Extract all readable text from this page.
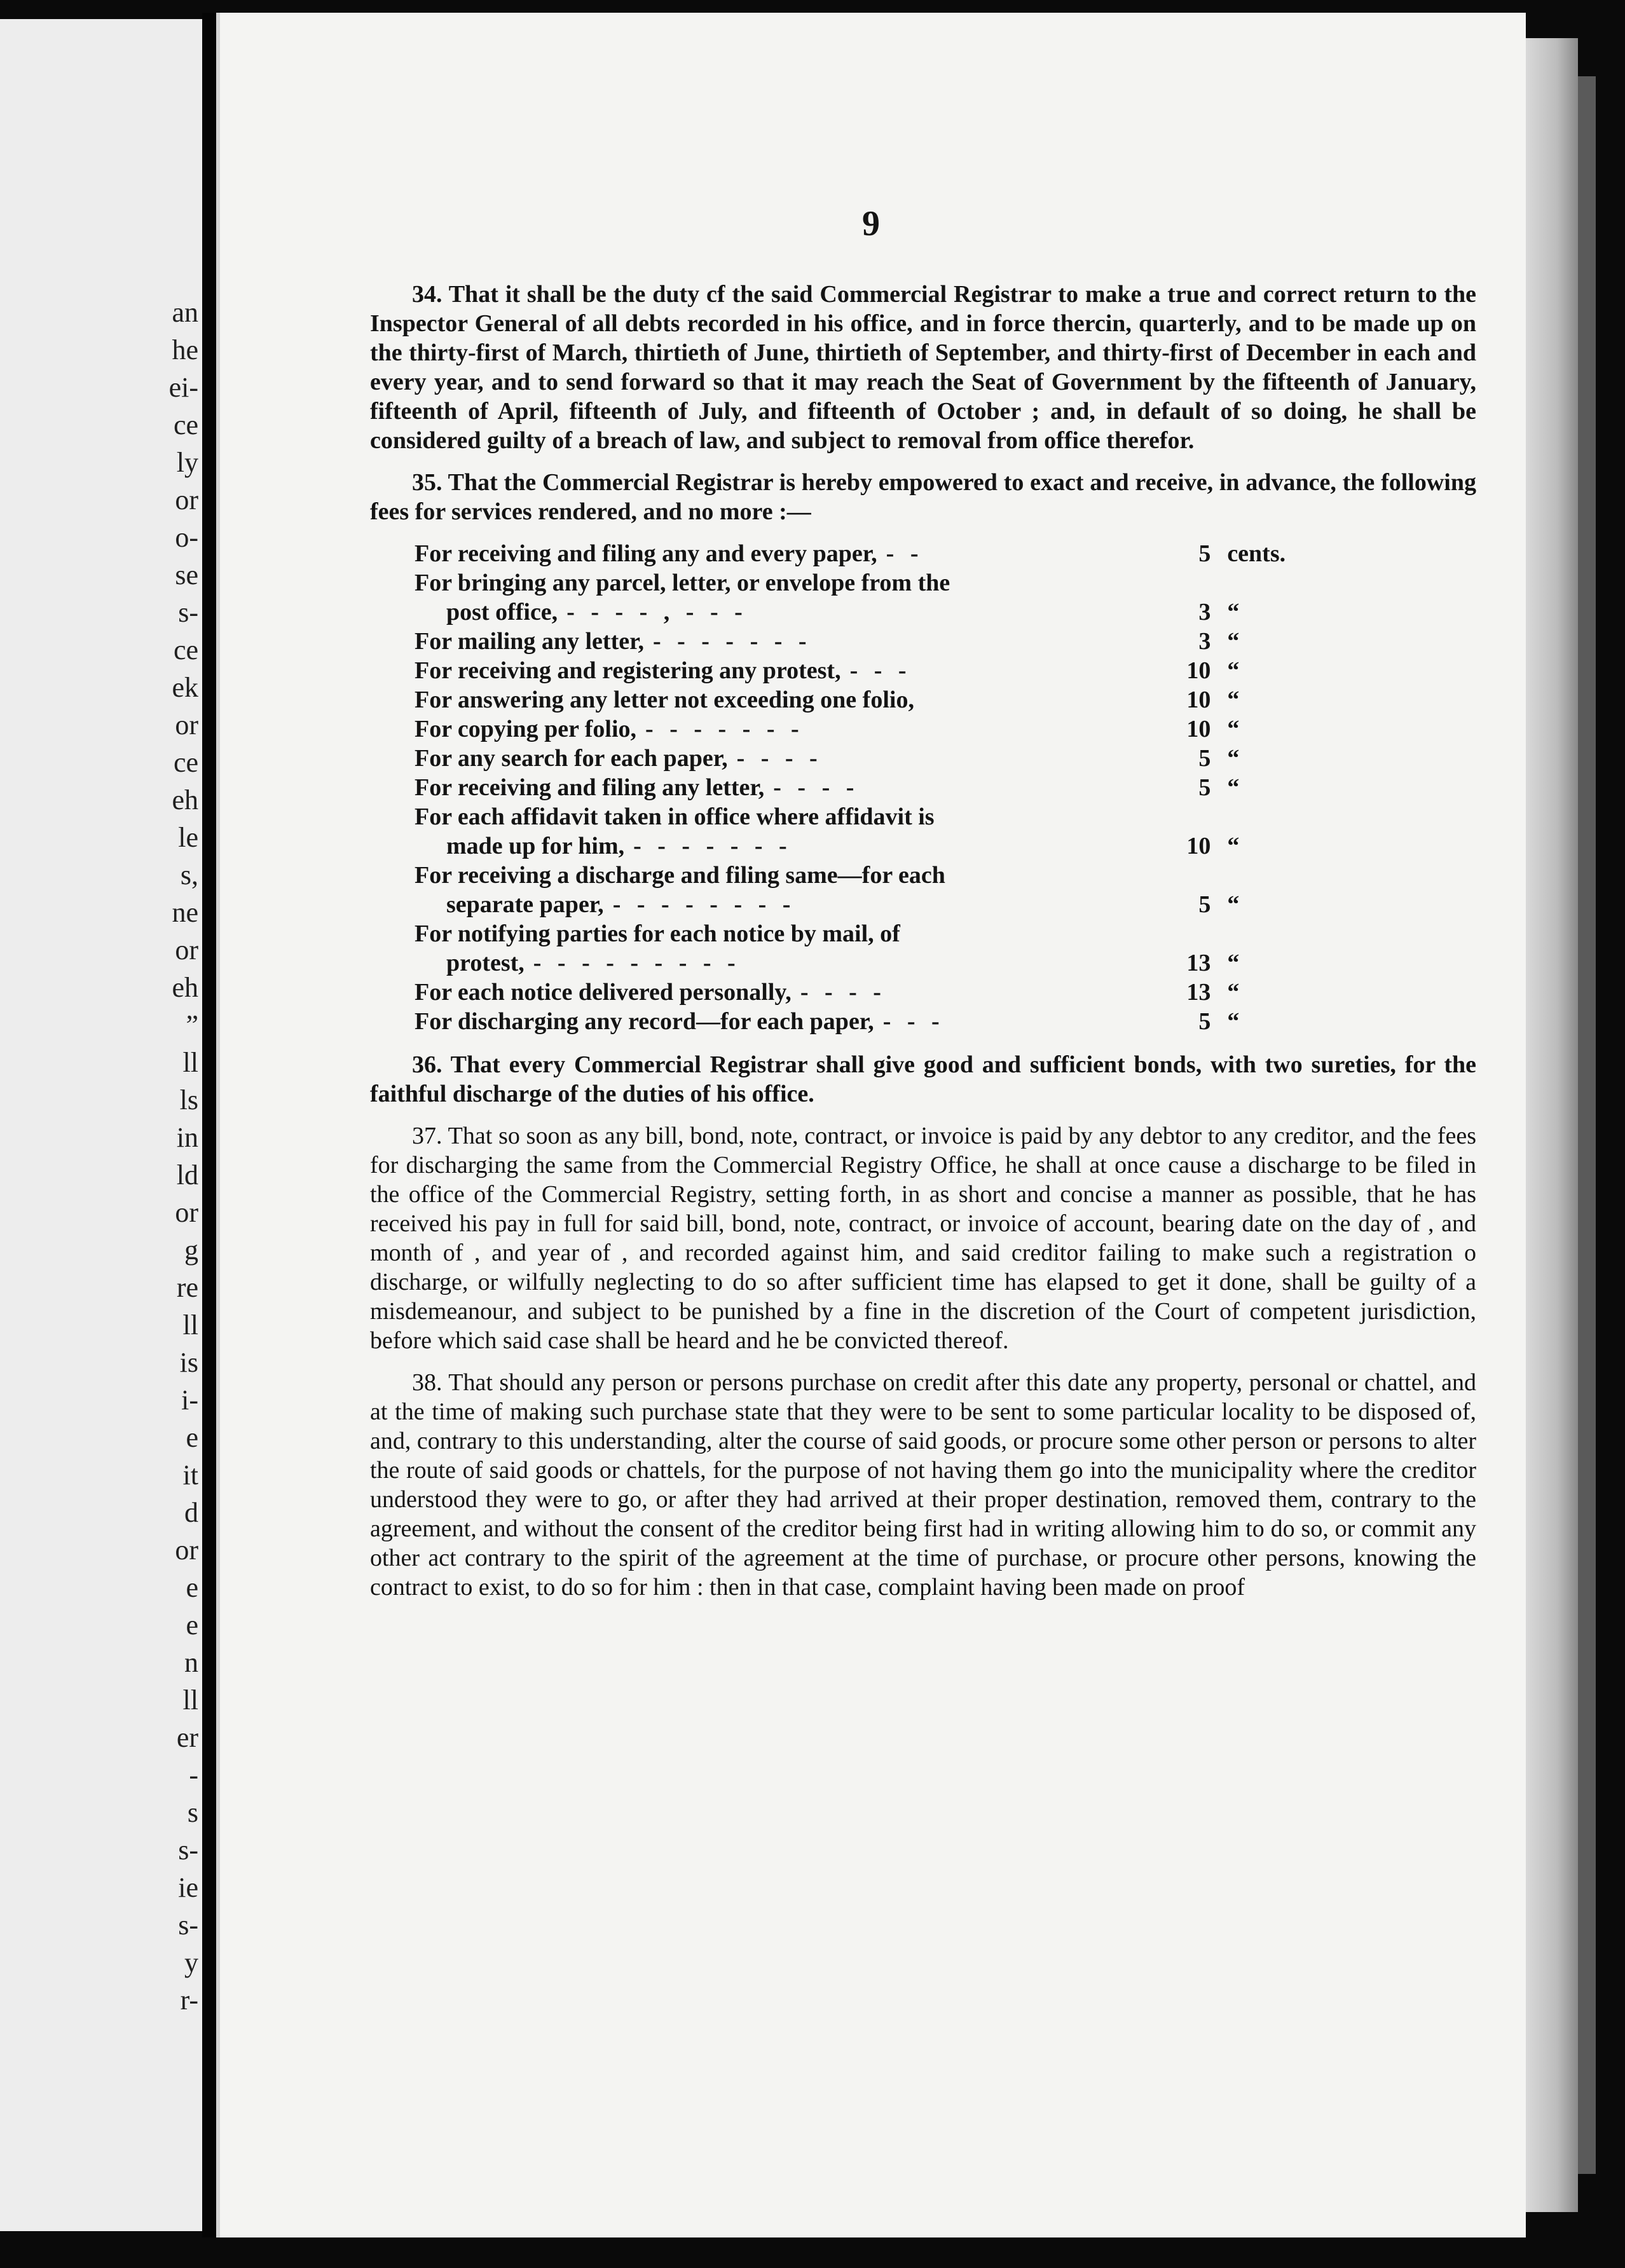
an
he
ei-
ce
ly
or
o-
se
s-
ce
ek
or
ce
eh
le
s,
ne
or
eh
”
ll
ls
in
ld
or
g
re
ll
is
i-
e
it
d
or
e
e
n
ll
er
-
s
s-
ie
s-
y
r-
9

34. That it shall be the duty cf the said Commercial Registrar to make a true and correct return to the Inspector General of all debts recorded in his office, and in force thercin, quarterly, and to be made up on the thirty-first of March, thirtieth of June, thirtieth of September, and thirty-first of December in each and every year, and to send forward so that it may reach the Seat of Government by the fifteenth of January, fifteenth of April, fifteenth of July, and fifteenth of October ; and, in default of so doing, he shall be considered guilty of a breach of law, and subject to removal from office therefor.

35. That the Commercial Registrar is hereby empowered to exact and receive, in advance, the following fees for services rendered, and no more :—

For receiving and filing any and every paper, - -	5	cents.
For bringing any parcel, letter, or envelope from the
post office, - - - - , - - -	3	“
For mailing any letter, - - - - - - -	3	“
For receiving and registering any protest, - - -	10	“
For answering any letter not exceeding one folio,	10	“
For copying per folio, - - - - - - -	10	“
For any search for each paper, - - - -	5	“
For receiving and filing any letter, - - - -	5	“
For each affidavit taken in office where affidavit is
made up for him, - - - - - - -	10	“
For receiving a discharge and filing same—for each
separate paper, - - - - - - - -	5	“
For notifying parties for each notice by mail, of
protest, - - - - - - - - -	13	“
For each notice delivered personally, - - - -	13	“
For discharging any record—for each paper, - - -	5	“

36. That every Commercial Registrar shall give good and sufficient bonds, with two sureties, for the faithful discharge of the duties of his office.

37. That so soon as any bill, bond, note, contract, or invoice is paid by any debtor to any creditor, and the fees for discharging the same from the Commercial Registry Office, he shall at once cause a discharge to be filed in the office of the Commercial Registry, setting forth, in as short and concise a manner as possible, that he has received his pay in full for said bill, bond, note, contract, or invoice of account, bearing date on the day of , and month of , and year of , and recorded against him, and said creditor failing to make such a registration o discharge, or wilfully neglecting to do so after sufficient time has elapsed to get it done, shall be guilty of a misdemeanour, and subject to be punished by a fine in the discretion of the Court of competent jurisdiction, before which said case shall be heard and he be convicted thereof.

38. That should any person or persons purchase on credit after this date any property, personal or chattel, and at the time of making such purchase state that they were to be sent to some particular locality to be disposed of, and, contrary to this understanding, alter the course of said goods, or procure some other person or persons to alter the route of said goods or chattels, for the purpose of not having them go into the municipality where the creditor understood they were to go, or after they had arrived at their proper destination, removed them, contrary to the agreement, and without the consent of the creditor being first had in writing allowing him to do so, or commit any other act contrary to the spirit of the agreement at the time of purchase, or procure other persons, knowing the contract to exist, to do so for him : then in that case, complaint having been made on proof
